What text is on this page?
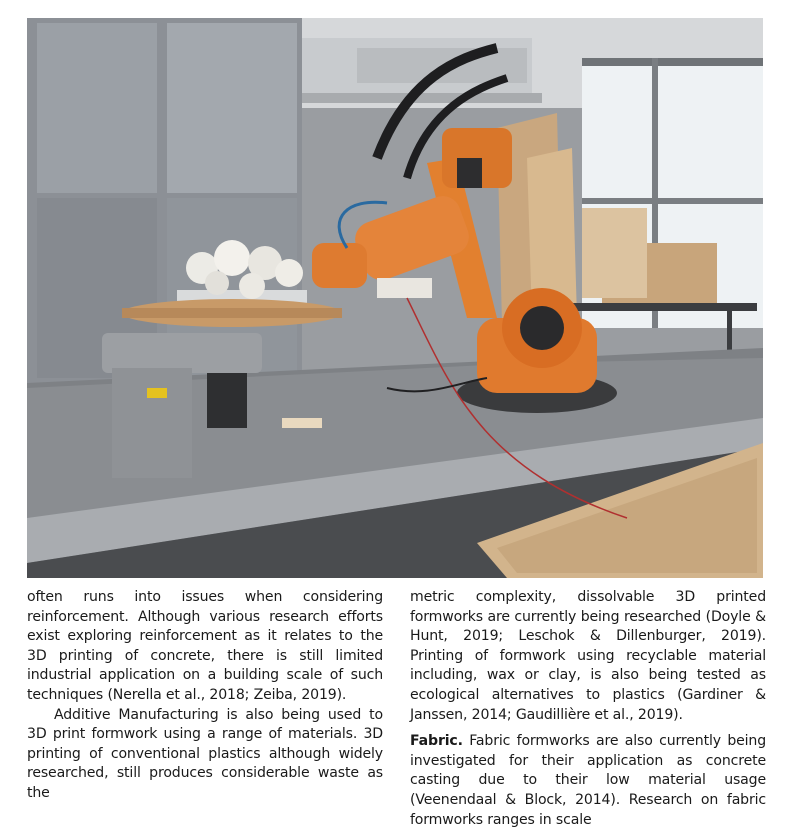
often runs into issues when considering reinforcement. Although various research efforts exist exploring reinforcement as it relates to the 3D printing of concrete, there is still limited industrial application on a building scale of such techniques (Nerella et al., 2018; Zeiba, 2019).

Additive Manufacturing is also being used to 3D print formwork using a range of materials. 3D printing of conventional plastics although widely researched, still produces considerable waste as the

metric complexity, dissolvable 3D printed formworks are currently being researched (Doyle & Hunt, 2019; Leschok & Dillenburger, 2019). Printing of formwork using recyclable material including, wax or clay, is also being tested as ecological alternatives to plastics (Gardiner & Janssen, 2014; Gaudillière et al., 2019).

Fabric. Fabric formworks are also currently being investigated for their application as concrete casting due to their low material usage (Veenendaal & Block, 2014). Research on fabric formworks ranges in scale
